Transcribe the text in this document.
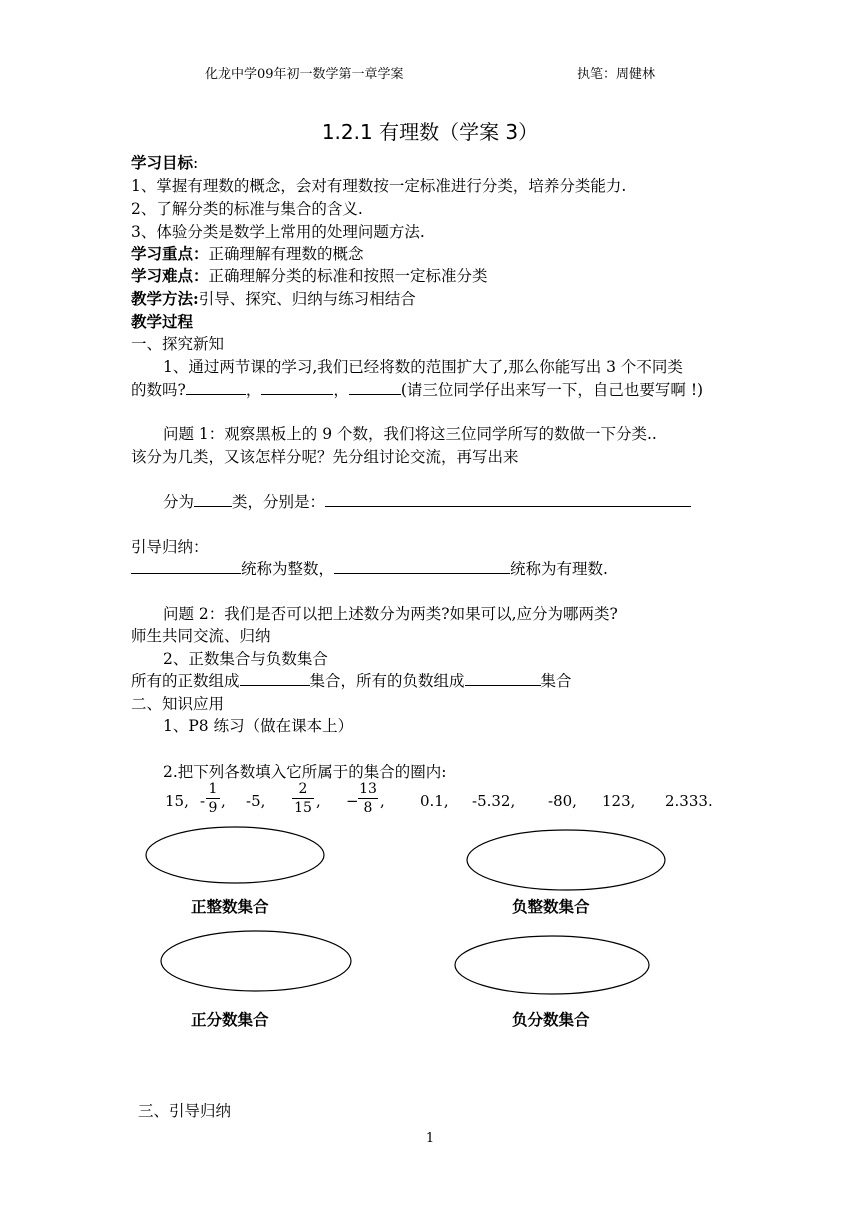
化龙中学09年初一数学第一章学案	执笔：周健林
1.2.1 有理数（学案 3）
学习目标:
1、掌握有理数的概念，会对有理数按一定标准进行分类，培养分类能力.
2、了解分类的标准与集合的含义.
3、体验分类是数学上常用的处理问题方法.
学习重点：正确理解有理数的概念
学习难点：正确理解分类的标准和按照一定标准分类
教学方法:引导、探究、归纳与练习相结合
教学过程
一、探究新知
1、通过两节课的学习,我们已经将数的范围扩大了,那么你能写出 3 个不同类
的数吗?	，	，	(请三位同学仔出来写一下，自己也要写啊 !)
问题 1：观察黑板上的 9 个数，我们将这三位同学所写的数做一下分类..
该分为几类，又该怎样分呢？先分组讨论交流，再写出来
分为 类，分别是：
引导归纳：
统称为整数，	统称为有理数.
问题 2：我们是否可以把上述数分为两类?如果可以,应分为哪两类?
师生共同交流、归纳
2、正数集合与负数集合
所有的正数组成	集合，所有的负数组成	集合
二、知识应用
1、P8 练习（做在课本上）
2.把下列各数填入它所属于的集合的圈内:
15, -
1
9 , -5,
2
15 , −
13
8 , 0.1, -5.32, -80, 123, 2.333.
正整数集合	负整数集合
正分数集合	负分数集合
三、引导归纳
1
